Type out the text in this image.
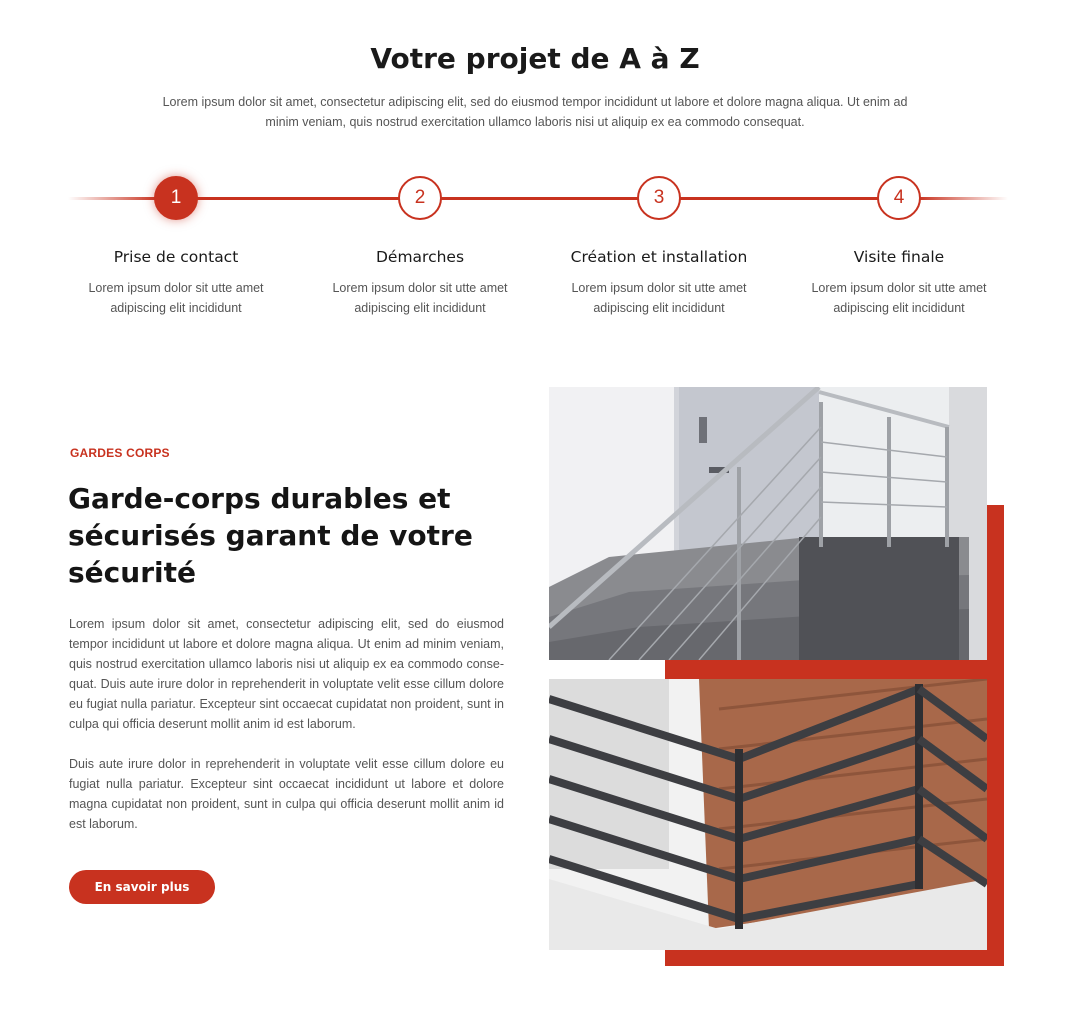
Votre projet de A à Z

Lorem ipsum dolor sit amet, consectetur adipiscing elit, sed do eiusmod tempor incididunt ut labore et dolore magna aliqua. Ut enim ad minim veniam, quis nostrud exercitation ullamco laboris nisi ut aliquip ex ea commodo consequat.

1	2	3	4
Prise de contact
Lorem ipsum dolor sit utte amet adipiscing elit incididunt
Démarches
Lorem ipsum dolor sit utte amet adipiscing elit incididunt
Création et installation
Lorem ipsum dolor sit utte amet adipiscing elit incididunt
Visite finale
Lorem ipsum dolor sit utte amet adipiscing elit incididunt
GARDES CORPS
Garde-corps durables et sécurisés garant de votre sécurité

Lorem ipsum dolor sit amet, consectetur adipiscing elit, sed do eiusmod tempor incididunt ut labore et dolore magna aliqua. Ut enim ad minim veniam, quis nostrud exercitation ullamco laboris nisi ut aliquip ex ea commodo conse-quat. Duis aute irure dolor in reprehenderit in voluptate velit esse cillum dolore eu fugiat nulla pariatur. Excepteur sint occaecat cupidatat non proident, sunt in culpa qui officia deserunt mollit anim id est laborum.

Duis aute irure dolor in reprehenderit in voluptate velit esse cillum dolore eu fugiat nulla pariatur. Excepteur sint occaecat incididunt ut labore et dolore magna cupidatat non proident, sunt in culpa qui officia deserunt mollit anim id est laborum.

En savoir plus
